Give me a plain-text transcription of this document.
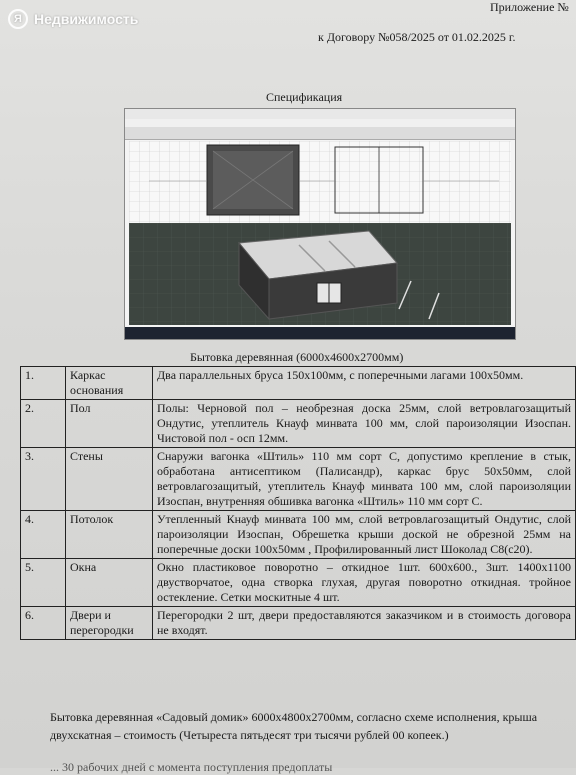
Я Недвижимость
Приложение №
к Договору №058/2025 от 01.02.2025 г.
Спецификация
Бытовка деревянная (6000x4600x2700мм)
1.	Каркас основания	Два параллельных бруса 150х100мм, с поперечными лагами 100х50мм.
2.	Пол	Полы: Черновой пол – необрезная доска 25мм, слой ветровлагозащитый Ондутис, утеплитель Кнауф минвата 100 мм, слой пароизоляции Изоспан. Чистовой пол - осп 12мм.
3.	Стены	Снаружи вагонка «Штиль» 110 мм сорт С, допустимо крепление в стык, обработана антисептиком (Палисандр), каркас брус 50х50мм, слой ветровлагозащитый, утеплитель Кнауф минвата 100 мм, слой пароизоляции Изоспан, внутренняя обшивка вагонка «Штиль» 110 мм сорт С.
4.	Потолок	Утепленный Кнауф минвата 100 мм, слой ветровлагозащитый Ондутис, слой пароизоляции Изоспан, Обрешетка крыши доской не обрезной 25мм на поперечные доски 100х50мм , Профилированный лист Шоколад С8(с20).
5.	Окна	Окно пластиковое поворотно – откидное 1шт. 600х600., 3шт. 1400х1100 двустворчатое, одна створка глухая, другая поворотно откидная. тройное остекление. Сетки москитные 4 шт.
6.	Двери и перегородки	Перегородки 2 шт, двери предоставляются заказчиком и в стоимость договора не входят.
Бытовка деревянная «Садовый домик» 6000х4800х2700мм, согласно схеме исполнения, крыша
двухскатная – стоимость (Четыреста пятьдесят три тысячи рублей 00 копеек.)
... 30 рабочих дней с момента поступления предоплаты
